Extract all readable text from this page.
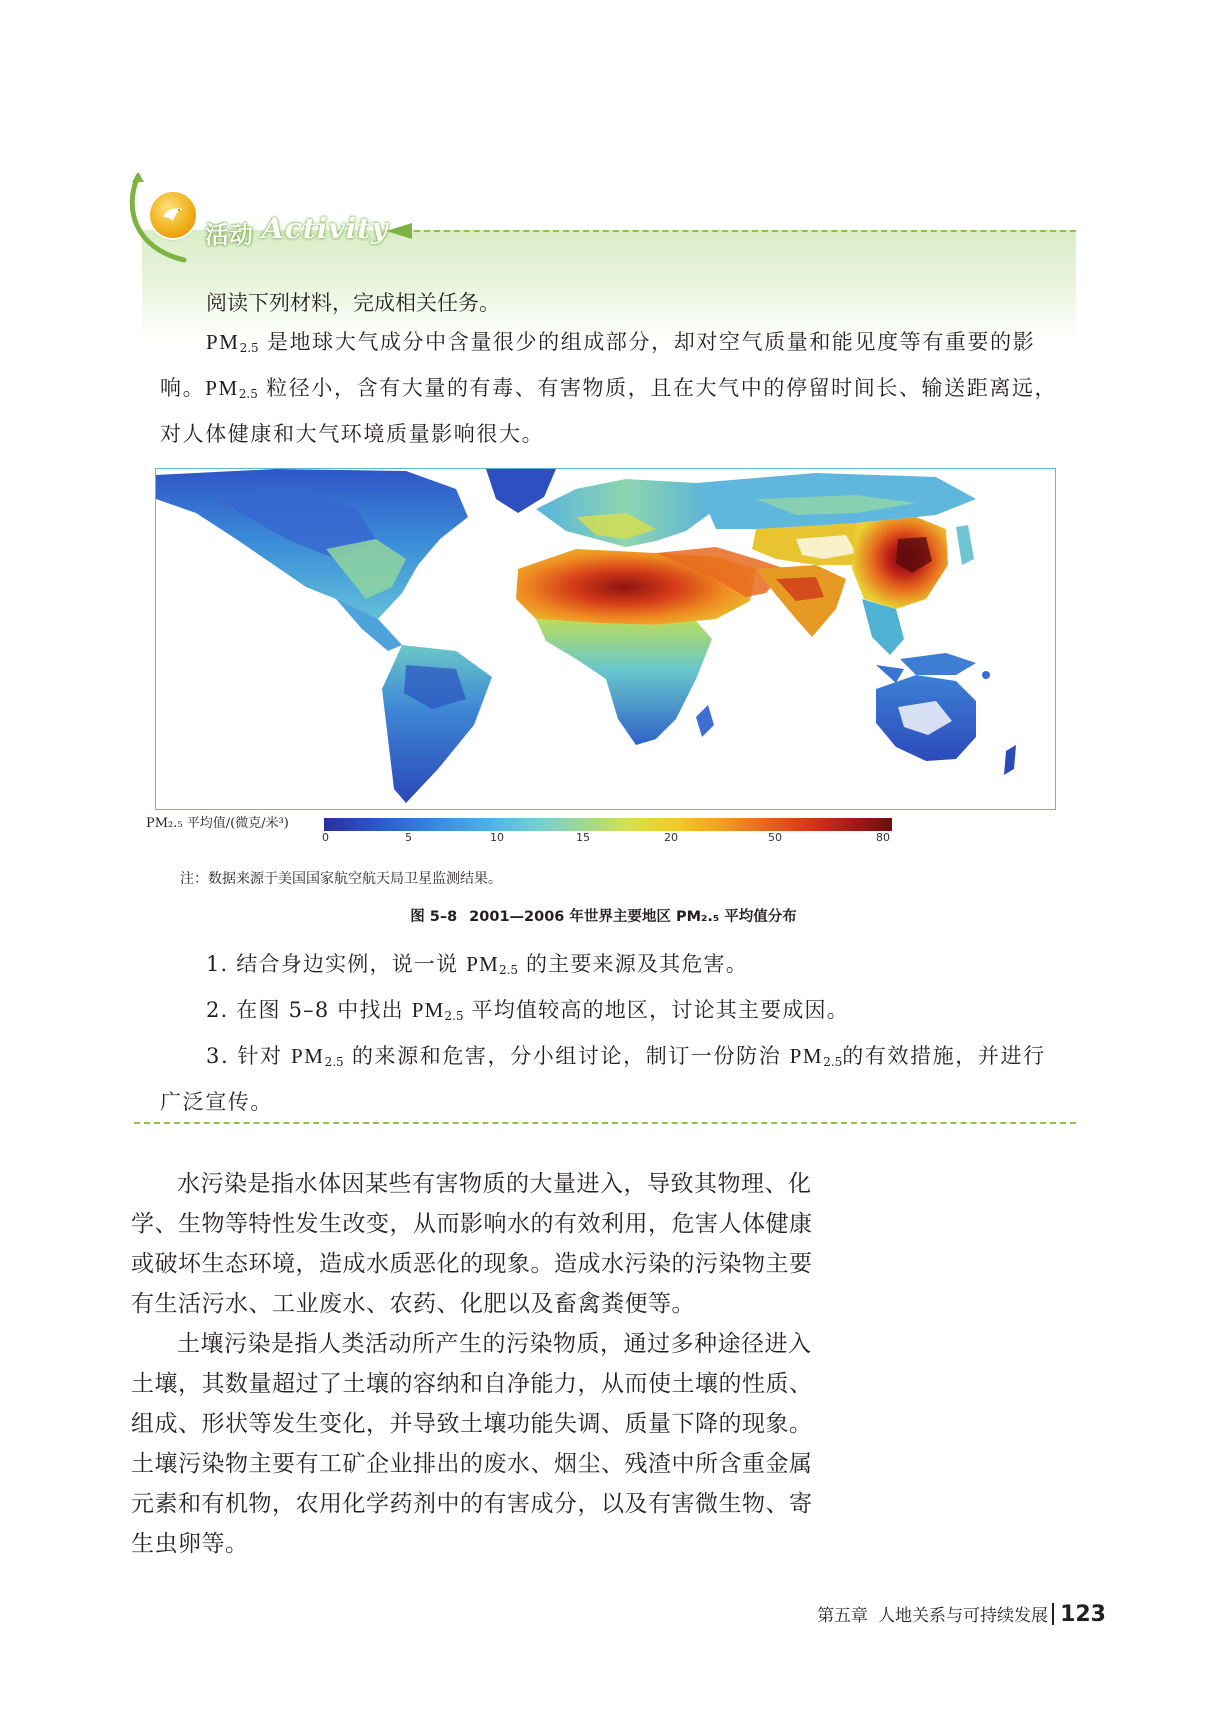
活动 Activity
阅读下列材料，完成相关任务。
$PM_{2.5}$ 是地球大气成分中含量很少的组成部分，却对空气质量和能见度等有重要的影响。$PM_{2.5}$ 粒径小，含有大量的有毒、有害物质，且在大气中的停留时间长、输送距离远，对人体健康和大气环境质量影响很大。
PM₂.₅ 平均值/(微克/米³)
0	5	10	15	20	50	80
注：数据来源于美国国家航空航天局卫星监测结果。
图 5–8 2001—2006 年世界主要地区 PM₂.₅ 平均值分布
1. 结合身边实例，说一说 $PM_{2.5}$ 的主要来源及其危害。
2. 在图 5–8 中找出 $PM_{2.5}$ 平均值较高的地区，讨论其主要成因。
3. 针对 $PM_{2.5}$ 的来源和危害，分小组讨论，制订一份防治 $PM_{2.5}$的有效措施，并进行广泛宣传。

水污染是指水体因某些有害物质的大量进入，导致其物理、化学、生物等特性发生改变，从而影响水的有效利用，危害人体健康或破坏生态环境，造成水质恶化的现象。造成水污染的污染物主要有生活污水、工业废水、农药、化肥以及畜禽粪便等。

土壤污染是指人类活动所产生的污染物质，通过多种途径进入土壤，其数量超过了土壤的容纳和自净能力，从而使土壤的性质、组成、形状等发生变化，并导致土壤功能失调、质量下降的现象。土壤污染物主要有工矿企业排出的废水、烟尘、残渣中所含重金属元素和有机物，农用化学药剂中的有害成分，以及有害微生物、寄生虫卵等。

第五章 人地关系与可持续发展 123
